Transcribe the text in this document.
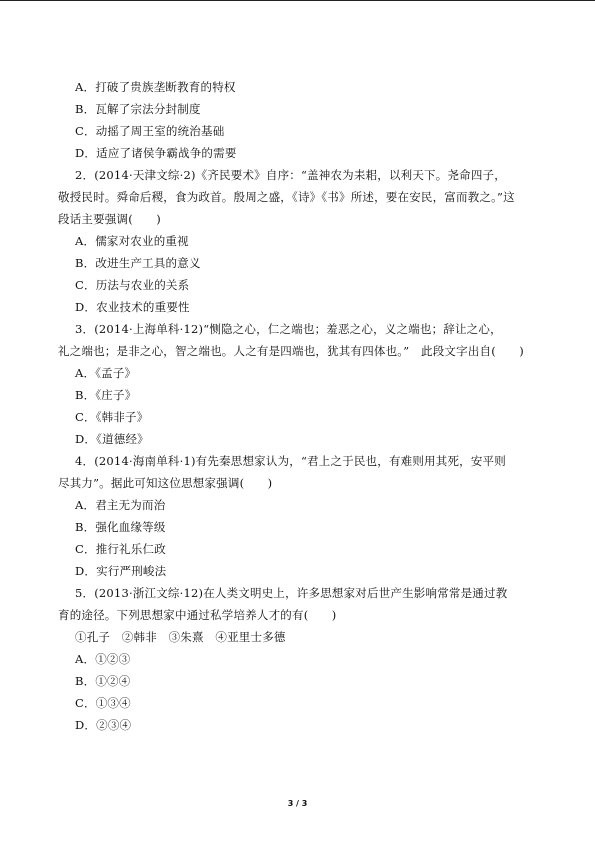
A．打破了贵族垄断教育的特权
B．瓦解了宗法分封制度
C．动摇了周王室的统治基础
D．适应了诸侯争霸战争的需要
2．(2014·天津文综·2)《齐民要术》自序：“盖神农为耒耜，以利天下。尧命四子，
敬授民时。舜命后稷，食为政首。殷周之盛，《诗》《书》所述，要在安民，富而教之。”这
段话主要强调(　　)
A．儒家对农业的重视
B．改进生产工具的意义
C．历法与农业的关系
D．农业技术的重要性
3．(2014·上海单科·12)“恻隐之心，仁之端也；羞恶之心，义之端也；辞让之心，
礼之端也；是非之心，智之端也。人之有是四端也，犹其有四体也。”　此段文字出自(　　)
A．《孟子》
B．《庄子》
C．《韩非子》
D．《道德经》
4．(2014·海南单科·1)有先秦思想家认为，“君上之于民也，有难则用其死，安平则
尽其力”。据此可知这位思想家强调(　　)
A．君主无为而治
B．强化血缘等级
C．推行礼乐仁政
D．实行严刑峻法
5．(2013·浙江文综·12)在人类文明史上，许多思想家对后世产生影响常常是通过教
育的途径。下列思想家中通过私学培养人才的有(　　)
①孔子　②韩非　③朱熹　④亚里士多德
A．①②③
B．①②④
C．①③④
D．②③④
3 / 3
